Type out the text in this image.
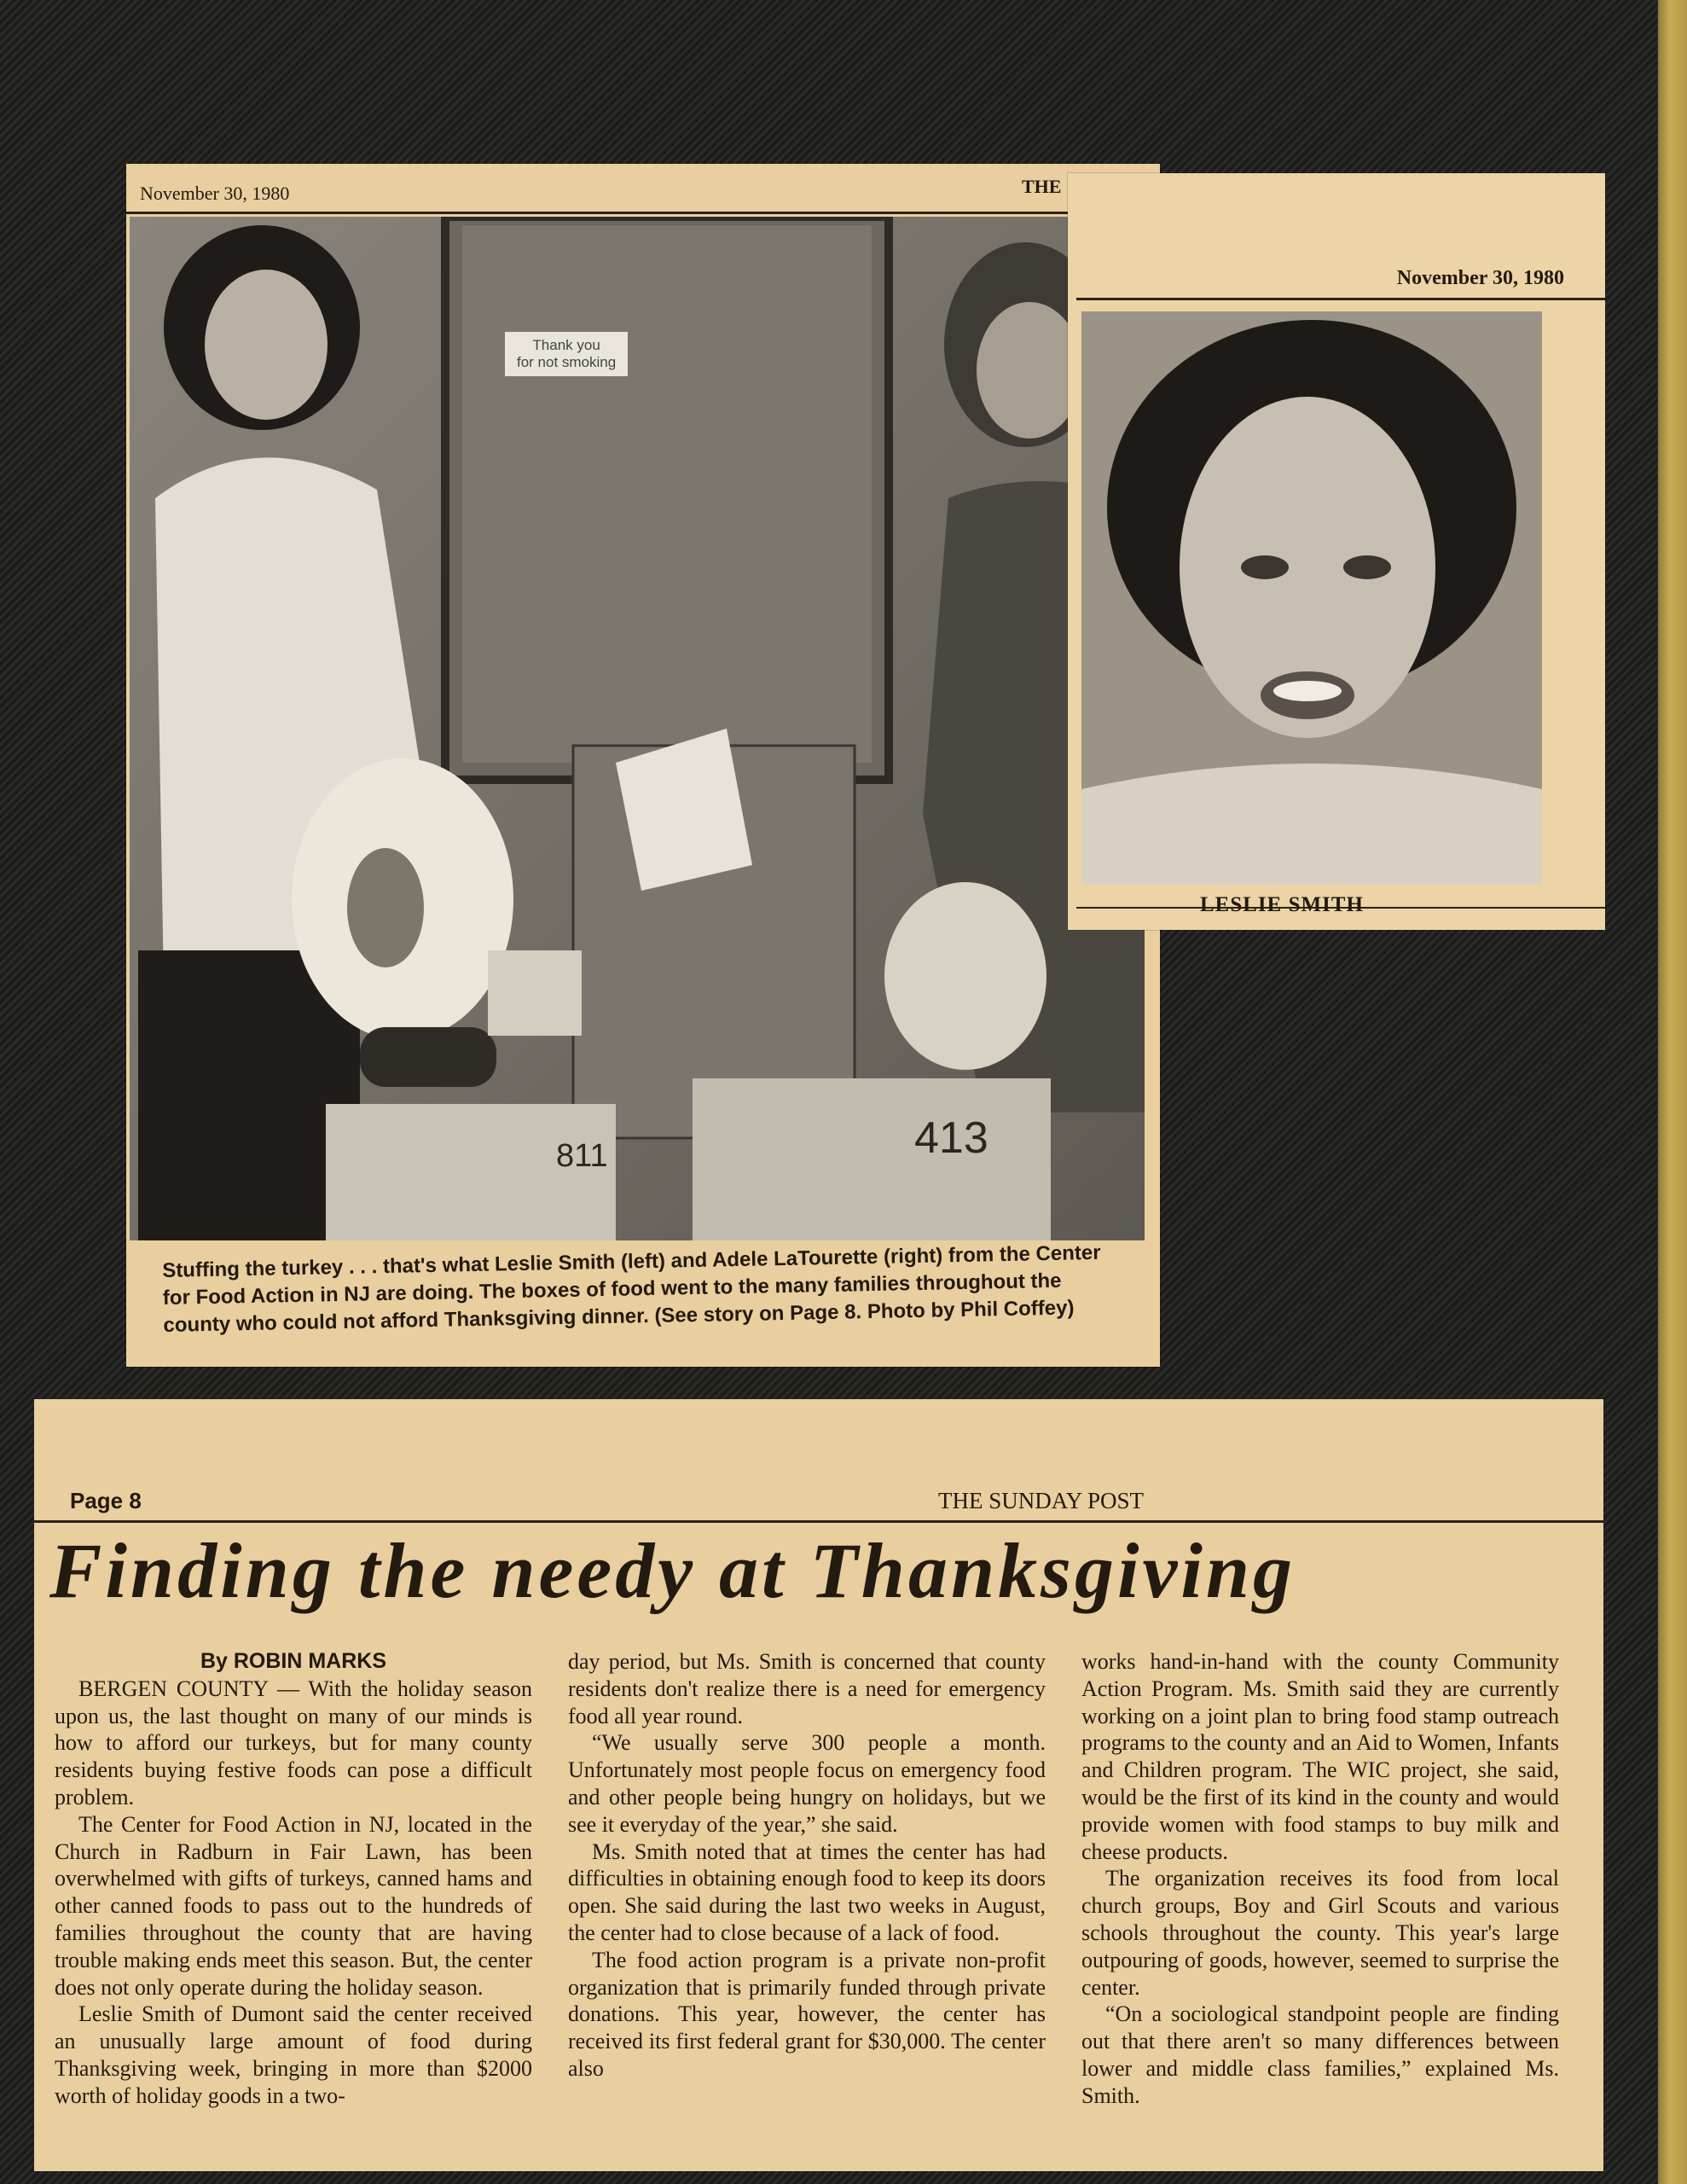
November 30, 1980	THE
Thank you
for not smoking
811	413
Stuffing the turkey . . . that's what Leslie Smith (left) and Adele LaTourette (right) from the Center for Food Action in NJ are doing. The boxes of food went to the many families throughout the county who could not afford Thanksgiving dinner. (See story on Page 8. Photo by Phil Coffey)
November 30, 1980
LESLIE SMITH
Page 8	THE SUNDAY POST
Finding the needy at Thanksgiving
By ROBIN MARKS

BERGEN COUNTY — With the holiday season upon us, the last thought on many of our minds is how to afford our turkeys, but for many county residents buying festive foods can pose a difficult problem.

The Center for Food Action in NJ, located in the Church in Radburn in Fair Lawn, has been overwhelmed with gifts of turkeys, canned hams and other canned foods to pass out to the hundreds of families throughout the county that are having trouble making ends meet this season. But, the center does not only operate during the holiday season.

Leslie Smith of Dumont said the center received an unusually large amount of food during Thanksgiving week, bringing in more than $2000 worth of holiday goods in a two-

day period, but Ms. Smith is concerned that county residents don't realize there is a need for emergency food all year round.

“We usually serve 300 people a month. Unfortunately most people focus on emergency food and other people being hungry on holidays, but we see it everyday of the year,” she said.

Ms. Smith noted that at times the center has had difficulties in obtaining enough food to keep its doors open. She said during the last two weeks in August, the center had to close because of a lack of food.

The food action program is a private non-profit organization that is primarily funded through private donations. This year, however, the center has received its first federal grant for $30,000. The center also

works hand-in-hand with the county Community Action Program. Ms. Smith said they are currently working on a joint plan to bring food stamp outreach programs to the county and an Aid to Women, Infants and Children program. The WIC project, she said, would be the first of its kind in the county and would provide women with food stamps to buy milk and cheese products.

The organization receives its food from local church groups, Boy and Girl Scouts and various schools throughout the county. This year's large outpouring of goods, however, seemed to surprise the center.

“On a sociological standpoint people are finding out that there aren't so many differences between lower and middle class families,” explained Ms. Smith.
